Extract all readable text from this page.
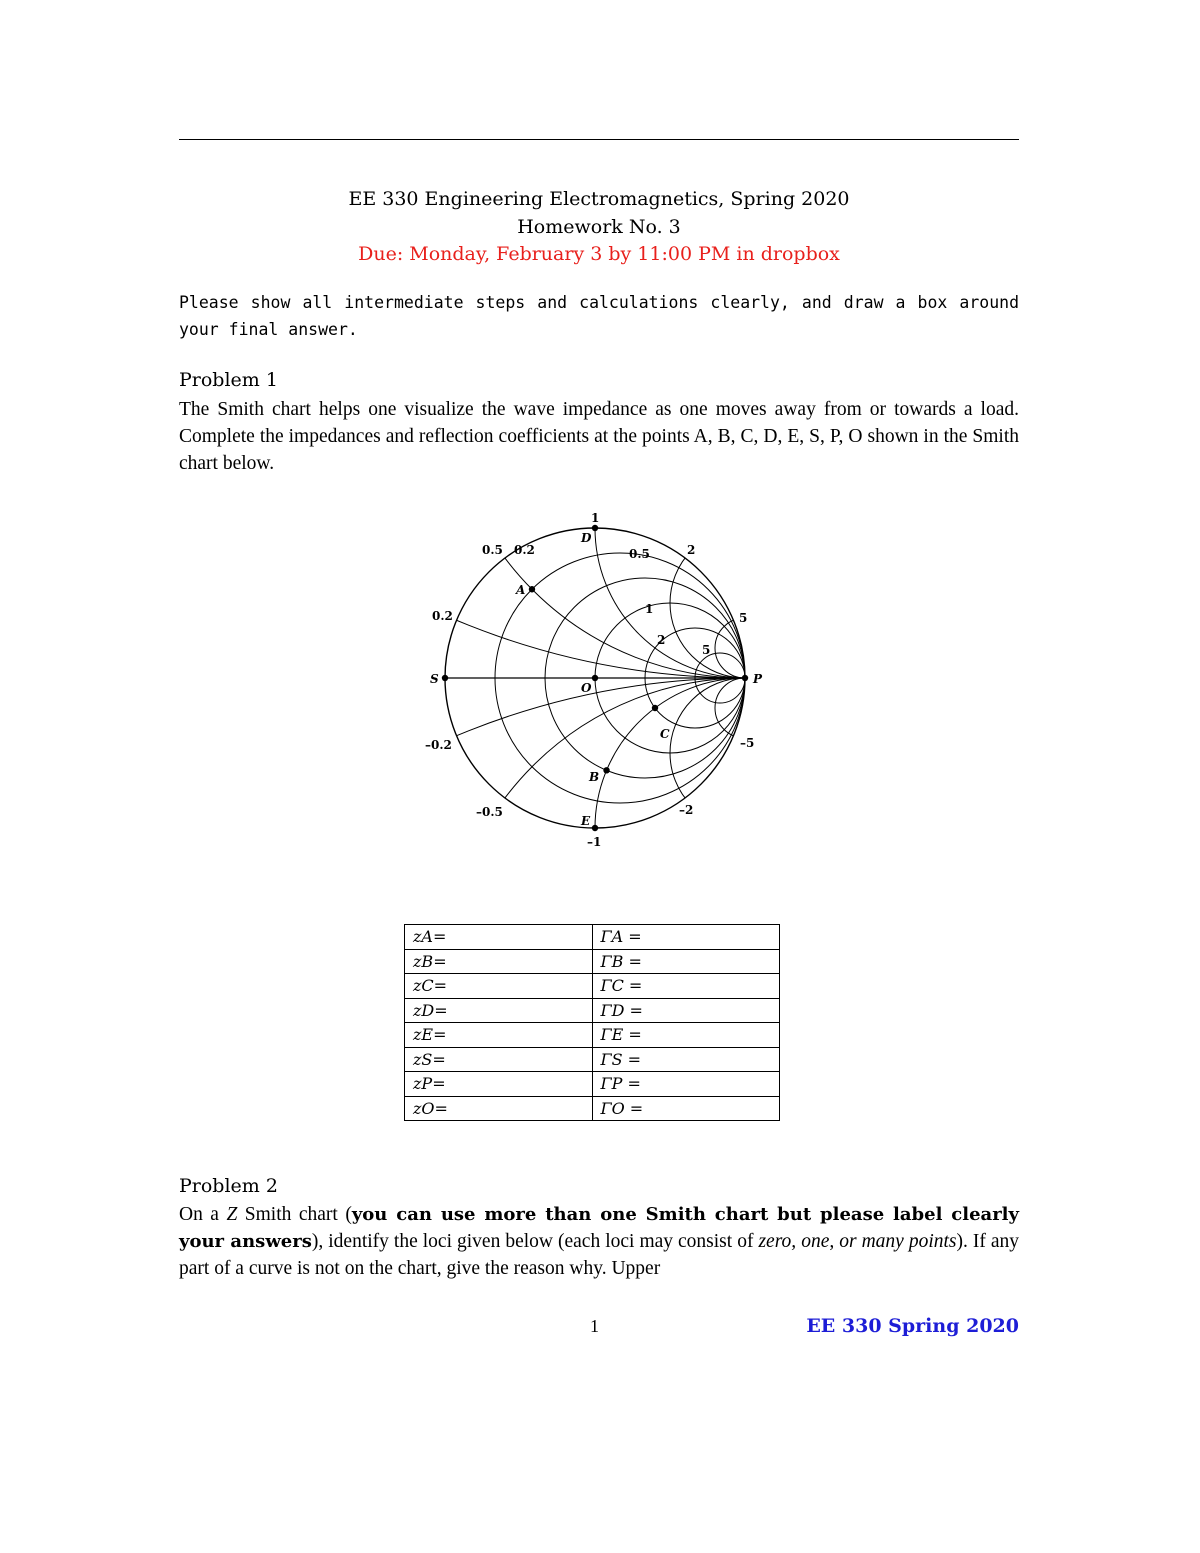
EE 330 Engineering Electromagnetics, Spring 2020
Homework No. 3
Due: Monday, February 3 by 11:00 PM in dropbox
Please show all intermediate steps and calculations clearly, and draw a box around your final answer.
Problem 1
The Smith chart helps one visualize the wave impedance as one moves away from or towards a load. Complete the impedances and reflection coefficients at the points A, B, C, D, E, S, P, O shown in the Smith chart below.
0.2	0.5
1
2
5
0.2
0.5
1
2
5
–0.2
–0.5
–1
–2
–5
A
B
C
D
E
S	P
O
zA=	ΓA =
zB=	ΓB =
zC=	ΓC =
zD=	ΓD =
zE=	ΓE =
zS=	ΓS =
zP=	ΓP =
zO=	ΓO =
Problem 2
On a Z Smith chart (you can use more than one Smith chart but please label clearly your answers), identify the loci given below (each loci may consist of zero, one, or many points). If any part of a curve is not on the chart, give the reason why. Upper
1	EE 330 Spring 2020
